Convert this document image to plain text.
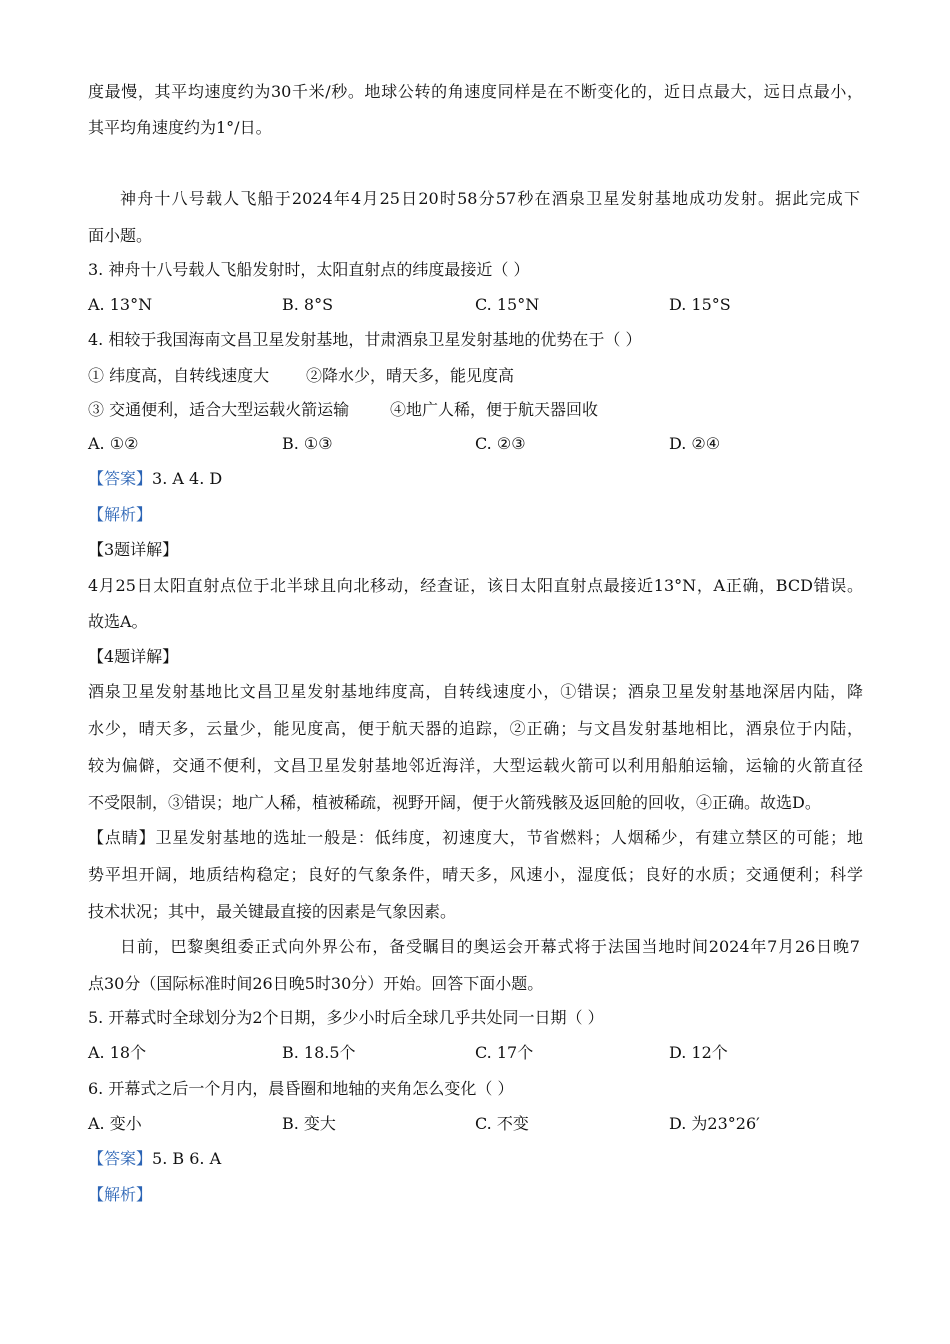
度最慢，其平均速度约为30千米/秒。地球公转的角速度同样是在不断变化的，近日点最大，远日点最小，
其平均角速度约为1°/日。
神舟十八号载人飞船于2024年4月25日20时58分57秒在酒泉卫星发射基地成功发射。据此完成下
面小题。
3. 神舟十八号载人飞船发射时，太阳直射点的纬度最接近（ ）
A. 13°N	B. 8°S	C. 15°N	D. 15°S
4. 相较于我国海南文昌卫星发射基地，甘肃酒泉卫星发射基地的优势在于（ ）
① 纬度高，自转线速度大 ②降水少，晴天多，能见度高
③ 交通便利，适合大型运载火箭运输	④地广人稀，便于航天器回收
A. ①②	B. ①③	C. ②③	D. ②④
【答案】3. A 4. D
【解析】
【3题详解】
4月25日太阳直射点位于北半球且向北移动，经查证，该日太阳直射点最接近13°N，A正确，BCD错误。
故选A。
【4题详解】
酒泉卫星发射基地比文昌卫星发射基地纬度高，自转线速度小，①错误；酒泉卫星发射基地深居内陆，降
水少，晴天多，云量少，能见度高，便于航天器的追踪，②正确；与文昌发射基地相比，酒泉位于内陆，
较为偏僻，交通不便利，文昌卫星发射基地邻近海洋，大型运载火箭可以利用船舶运输，运输的火箭直径
不受限制，③错误；地广人稀，植被稀疏，视野开阔，便于火箭残骸及返回舱的回收，④正确。故选D。
【点睛】卫星发射基地的选址一般是：低纬度，初速度大，节省燃料；人烟稀少，有建立禁区的可能；地
势平坦开阔，地质结构稳定；良好的气象条件，晴天多，风速小，湿度低；良好的水质；交通便利；科学
技术状况；其中，最关键最直接的因素是气象因素。
日前，巴黎奥组委正式向外界公布，备受瞩目的奥运会开幕式将于法国当地时间2024年7月26日晚7
点30分（国际标准时间26日晚5时30分）开始。回答下面小题。
5. 开幕式时全球划分为2个日期，多少小时后全球几乎共处同一日期（ ）
A. 18个	B. 18.5个	C. 17个	D. 12个
6. 开幕式之后一个月内，晨昏圈和地轴的夹角怎么变化（ ）
A. 变小	B. 变大	C. 不变	D. 为23°26′
【答案】5. B 6. A
【解析】
